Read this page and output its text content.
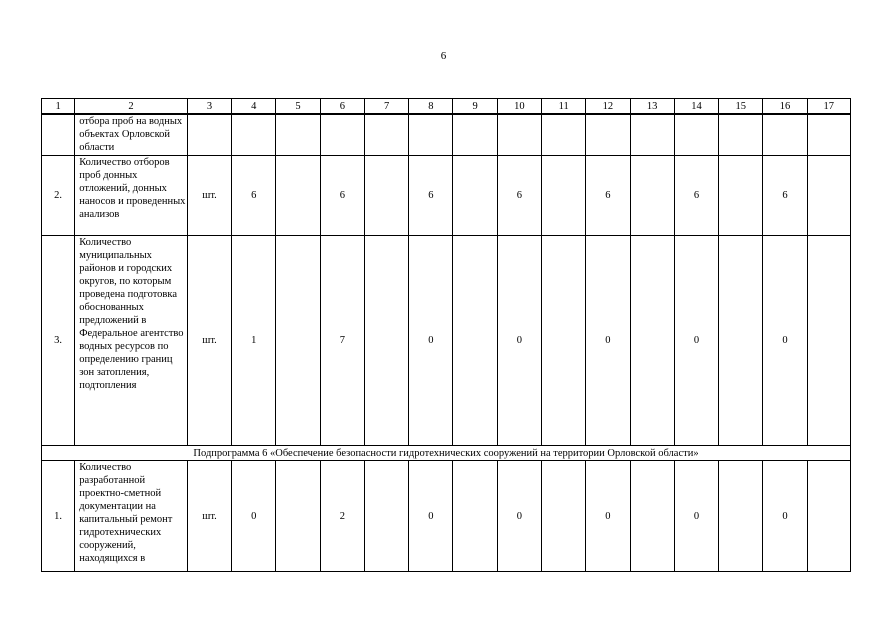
6
1	2	3	4	5	6	7	8	9	10	11	12	13	14	15	16	17
	отбора проб на водных объектах Орловской области															
2.	Количество отборов проб донных отложений, донных наносов и проведенных анализов	шт.	6		6		6		6		6		6		6	
3.	Количество муниципальных районов и городских округов, по которым проведена подготовка обоснованных предложений в Федеральное агентство водных ресурсов по определению границ зон затопления, подтопления	шт.	1		7		0		0		0		0		0	
Подпрограмма 6 «Обеспечение безопасности гидротехнических сооружений на территории Орловской области»																
1.	Количество разработанной проектно-сметной документации на капитальный ремонт гидротехнических сооружений, находящихся в	шт.	0		2		0		0		0		0		0	
